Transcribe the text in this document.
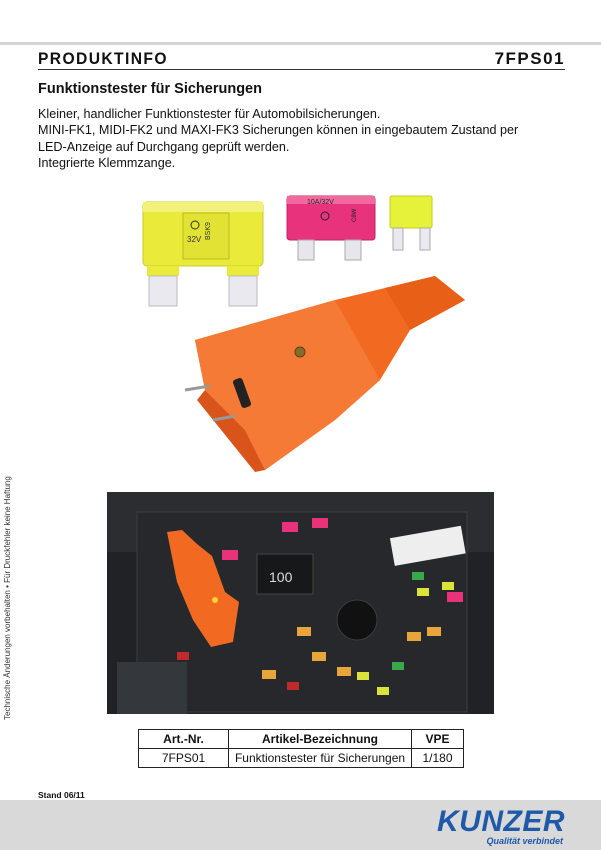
PRODUKTINFO	7FPS01
Funktionstester für Sicherungen
Kleiner, handlicher Funktionstester für Automobilsicherungen.
MINI-FK1, MIDI-FK2 und MAXI-FK3 Sicherungen können in eingebautem Zustand per
LED-Anzeige auf Durchgang geprüft werden.
Integrierte Klemmzange.
Technische Änderungen vorbehalten • Für Druckfehler keine Haftung
32V BSK9
10A/32V
C8W
100
Art.-Nr.	Artikel-Bezeichnung	VPE
7FPS01	Funktionstester für Sicherungen	1/180
Stand 06/11
KUNZER
Qualität verbindet
